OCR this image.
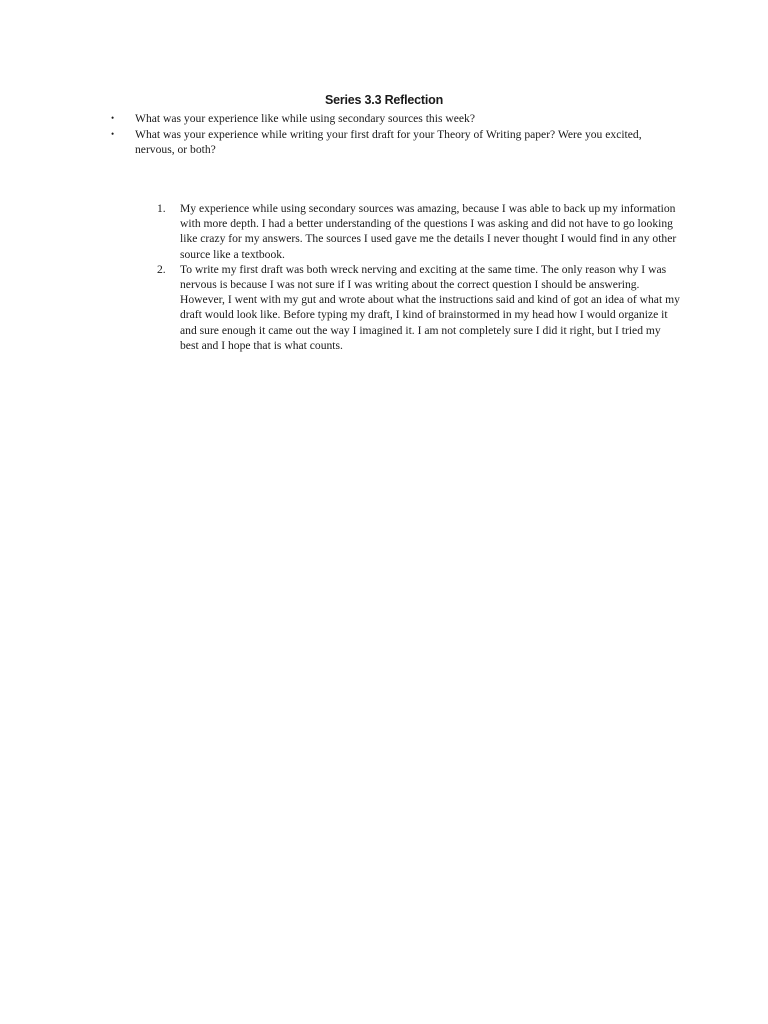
Series 3.3 Reflection
• What was your experience like while using secondary sources this week?
• What was your experience while writing your first draft for your Theory of Writing paper? Were you excited, nervous, or both?
1. My experience while using secondary sources was amazing, because I was able to back up my information with more depth. I had a better understanding of the questions I was asking and did not have to go looking like crazy for my answers. The sources I used gave me the details I never thought I would find in any other source like a textbook.
2. To write my first draft was both wreck nerving and exciting at the same time. The only reason why I was nervous is because I was not sure if I was writing about the correct question I should be answering. However, I went with my gut and wrote about what the instructions said and kind of got an idea of what my draft would look like. Before typing my draft, I kind of brainstormed in my head how I would organize it and sure enough it came out the way I imagined it. I am not completely sure I did it right, but I tried my best and I hope that is what counts.
